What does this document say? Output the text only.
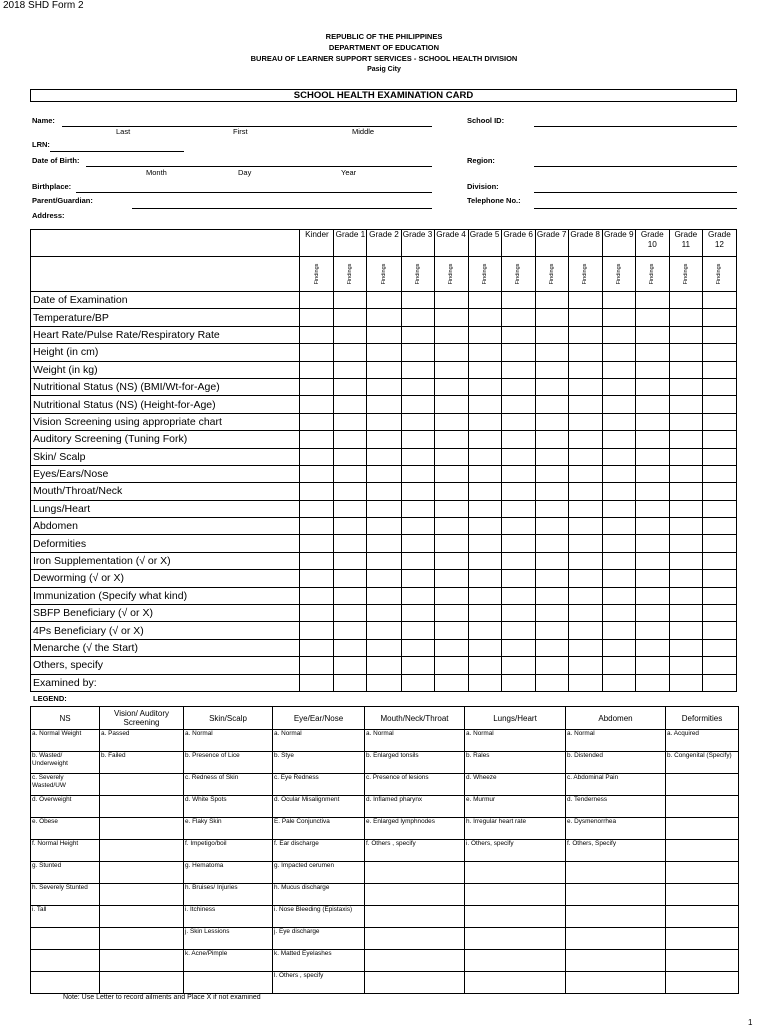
2018 SHD Form 2
REPUBLIC OF THE PHILIPPINES
DEPARTMENT OF EDUCATION
BUREAU OF LEARNER SUPPORT SERVICES - SCHOOL HEALTH DIVISION
Pasig City
SCHOOL HEALTH EXAMINATION CARD
Name:
Last	First	Middle
School ID:
LRN:
Date of Birth:
Month	Day	Year
Region:
Birthplace:	Division:
Parent/Guardian:	Telephone No.:
Address:
	Kinder	Grade 1	Grade 2	Grade 3	Grade 4	Grade 5	Grade 6	Grade 7	Grade 8	Grade 9	Grade 10	Grade 11	Grade 12

	Findings	Findings	Findings	Findings	Findings	Findings	Findings	Findings	Findings	Findings	Findings	Findings	Findings

Date of Examination													
Temperature/BP													
Heart Rate/Pulse Rate/Respiratory Rate													
Height (in cm)													
Weight (in kg)													
Nutritional Status (NS) (BMI/Wt-for-Age)													
Nutritional Status (NS) (Height-for-Age)													
Vision Screening using appropriate chart													
Auditory Screening (Tuning Fork)													
Skin/ Scalp													
Eyes/Ears/Nose													
Mouth/Throat/Neck													
Lungs/Heart													
Abdomen													
Deformities													
Iron Supplementation (√ or X)													
Deworming (√ or X)													
Immunization (Specify what kind)													
SBFP Beneficiary (√ or X)													
4Ps Beneficiary (√ or X)													
Menarche (√ the Start)													
Others, specify													
Examined by:													
LEGEND:
NS	Vision/ Auditory Screening	Skin/Scalp	Eye/Ear/Nose	Mouth/Neck/Throat	Lungs/Heart	Abdomen	Deformities
a. Normal Weight	a. Passed	a. Normal	a. Normal	a. Normal	a. Normal	a. Normal	a. Acquired
b. Wasted/ Underweight	b. Failed	b. Presence of Lice	b. Stye	b. Enlarged tonsils	b. Rales	b. Distended	b. Congenital (Specify)
c. Severely Wasted/UW		c. Redness of Skin	c. Eye Redness	c. Presence of lesions	d. Wheeze	c. Abdominal Pain	
d. Overweight		d. White Spots	d. Ocular Misalignment	d. Inflamed pharynx	e. Murmur	d. Tenderness	
e. Obese		e. Flaky Skin	E. Pale Conjunctiva	e. Enlarged lymphnodes	h. Irregular heart rate	e. Dysmenorrhea	
f. Normal Height		f. Impetigo/boil	f. Ear discharge	f. Others , specify	i. Others, specify	f. Others, Specify	
g. Stunted		g. Hematoma	g. Impacted cerumen				
h. Severely Stunted		h. Bruises/ Injuries	h. Mucus discharge				
i. Tall		i. Itchiness	i. Nose Bleeding (Epistaxis)				
		j. Skin Lessions	j. Eye discharge				
		k. Acne/Pimple	k. Matted Eyelashes				
			l. Others , specify				
Note: Use Letter to record ailments and Place X if not examined
1
